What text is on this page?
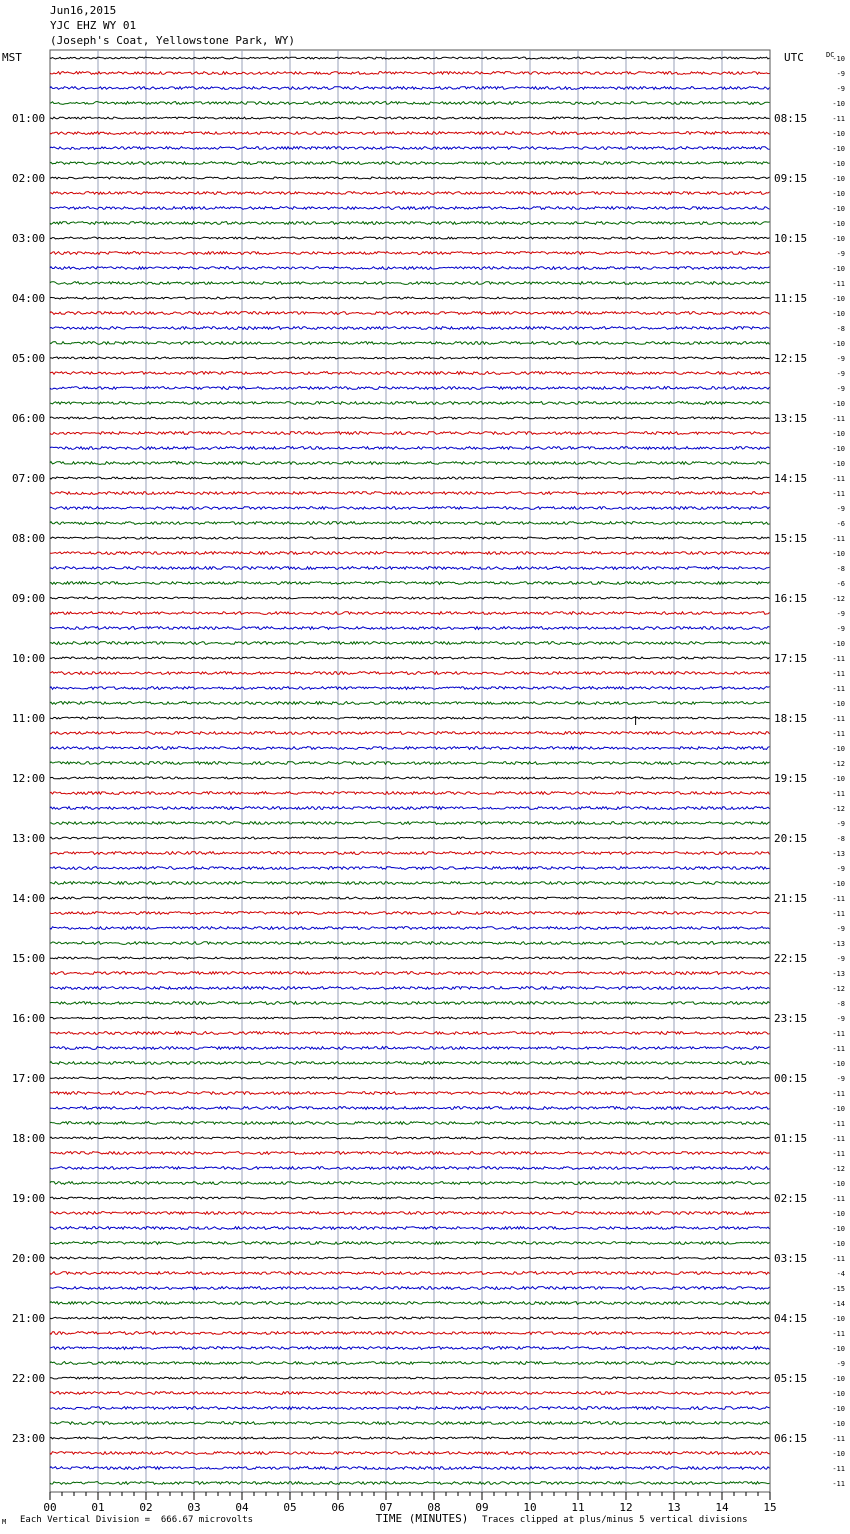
Jun16,2015
YJC EHZ WY 01
(Joseph's Coat, Yellowstone Park, WY)
MST	UTC	DC
-10
-9
-9
-10
01:00	08:15	-11
-10
-10
-10
02:00	09:15	-10
-10
-10
-10
03:00	10:15	-10
-9
-10
-11
04:00	11:15	-10
-10
-8
-10
05:00	12:15	-9
-9
-9
-10
06:00	13:15	-11
-10
-10
-10
07:00	14:15	-11
-11
-9
-6
08:00	15:15	-11
-10
-8
-6
09:00	16:15	-12
-9
-9
-10
10:00	17:15	-11
-11
-11
-10
11:00	18:15	-11
-11
-10
-12
12:00	19:15	-10
-11
-12
-9
13:00	20:15	-8
-13
-9
-10
14:00	21:15	-11
-11
-9
-13
15:00	22:15	-9
-13
-12
-8
16:00	23:15	-9
-11
-11
-10
17:00	00:15	-9
-11
-10
-11
18:00	01:15	-11
-11
-12
-10
19:00	02:15	-11
-10
-10
-10
20:00	03:15	-11
-4
-15
-14
21:00	04:15	-10
-11
-10
-9
22:00	05:15	-10
-10
-10
-10
23:00	06:15	-11
-10
-11
-11
00	01	02	03	04	05	06	07	08	09	10	11	12	13	14	15
TIME (MINUTES)
M Each Vertical Division =  666.67 microvolts	Traces clipped at plus/minus 5 vertical divisions
